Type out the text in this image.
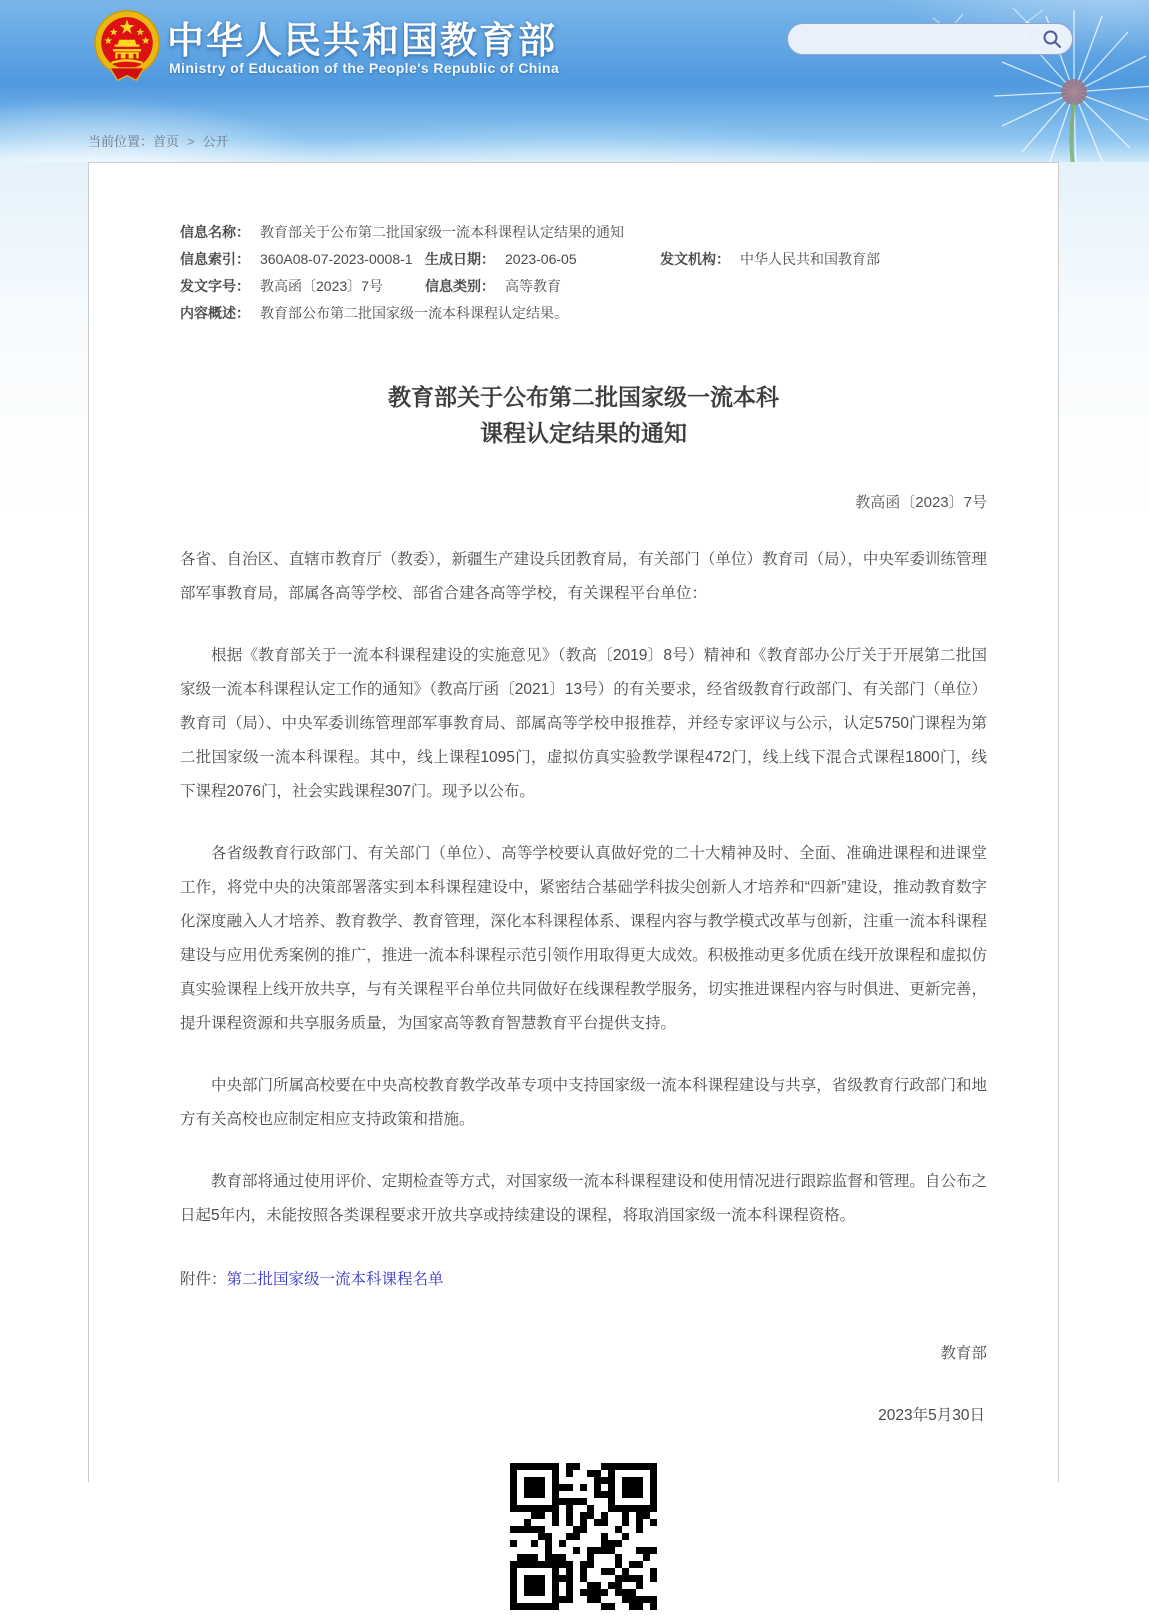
中华人民共和国教育部
Ministry of Education of the People's Republic of China
当前位置：首页 > 公开
信息名称： 教育部关于公布第二批国家级一流本科课程认定结果的通知
信息索引： 360A08-07-2023-0008-1 生成日期： 2023-06-05	发文机构： 中华人民共和国教育部
发文字号： 教高函〔2023〕7号	信息类别： 高等教育
内容概述： 教育部公布第二批国家级一流本科课程认定结果。
教育部关于公布第二批国家级一流本科
课程认定结果的通知
教高函〔2023〕7号

各省、自治区、直辖市教育厅（教委），新疆生产建设兵团教育局，有关部门（单位）教育司（局），中央军委训练管理部军事教育局，部属各高等学校、部省合建各高等学校，有关课程平台单位：

根据《教育部关于一流本科课程建设的实施意见》（教高〔2019〕8号）精神和《教育部办公厅关于开展第二批国家级一流本科课程认定工作的通知》（教高厅函〔2021〕13号）的有关要求，经省级教育行政部门、有关部门（单位）教育司（局）、中央军委训练管理部军事教育局、部属高等学校申报推荐，并经专家评议与公示，认定5750门课程为第二批国家级一流本科课程。其中，线上课程1095门，虚拟仿真实验教学课程472门，线上线下混合式课程1800门，线下课程2076门，社会实践课程307门。现予以公布。

各省级教育行政部门、有关部门（单位）、高等学校要认真做好党的二十大精神及时、全面、准确进课程和进课堂工作，将党中央的决策部署落实到本科课程建设中，紧密结合基础学科拔尖创新人才培养和“四新”建设，推动教育数字化深度融入人才培养、教育教学、教育管理，深化本科课程体系、课程内容与教学模式改革与创新，注重一流本科课程建设与应用优秀案例的推广，推进一流本科课程示范引领作用取得更大成效。积极推动更多优质在线开放课程和虚拟仿真实验课程上线开放共享，与有关课程平台单位共同做好在线课程教学服务，切实推进课程内容与时俱进、更新完善，提升课程资源和共享服务质量，为国家高等教育智慧教育平台提供支持。

中央部门所属高校要在中央高校教育教学改革专项中支持国家级一流本科课程建设与共享，省级教育行政部门和地方有关高校也应制定相应支持政策和措施。

教育部将通过使用评价、定期检查等方式，对国家级一流本科课程建设和使用情况进行跟踪监督和管理。自公布之日起5年内，未能按照各类课程要求开放共享或持续建设的课程，将取消国家级一流本科课程资格。

附件：第二批国家级一流本科课程名单
教育部
2023年5月30日
